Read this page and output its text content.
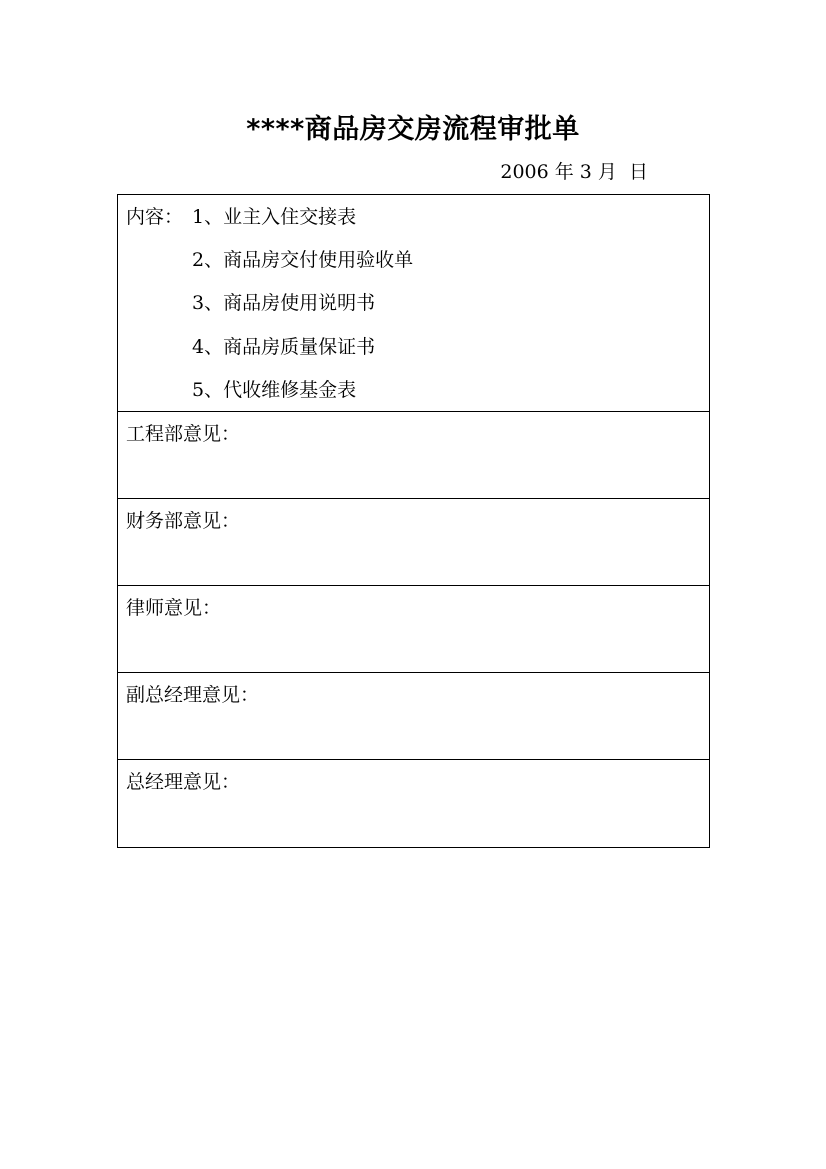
****商品房交房流程审批单
2006 年 3 月  日
内容： 1、业主入住交接表
2、商品房交付使用验收单
3、商品房使用说明书
4、商品房质量保证书
5、代收维修基金表
工程部意见：
财务部意见：
律师意见：
副总经理意见：
总经理意见：
